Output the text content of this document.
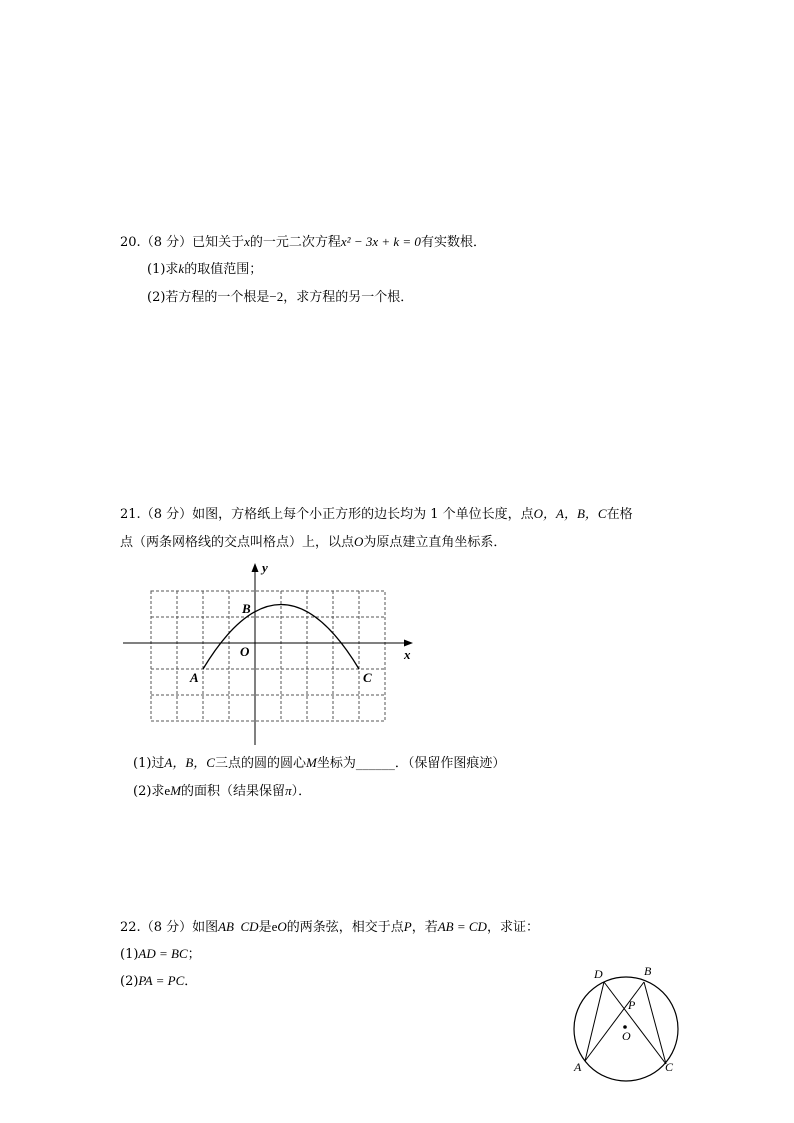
20.（8 分）已知关于x的一元二次方程x² − 3x + k = 0有实数根．
(1)求k的取值范围；
(2)若方程的一个根是−2，求方程的另一个根．
21.（8 分）如图，方格纸上每个小正方形的边长均为 1 个单位长度，点O，A，B，C在格
点（两条网格线的交点叫格点）上，以点O为原点建立直角坐标系．
y
x
O
A
B
C
(1)过A，B，C三点的圆的圆心M坐标为______．（保留作图痕迹）
(2)求eM的面积（结果保留π）．
22.（8 分）如图AB  CD是eO的两条弦，相交于点P，若AB = CD，求证：
(1)AD = BC；
(2)PA = PC．	D	B
P
O
A	C
